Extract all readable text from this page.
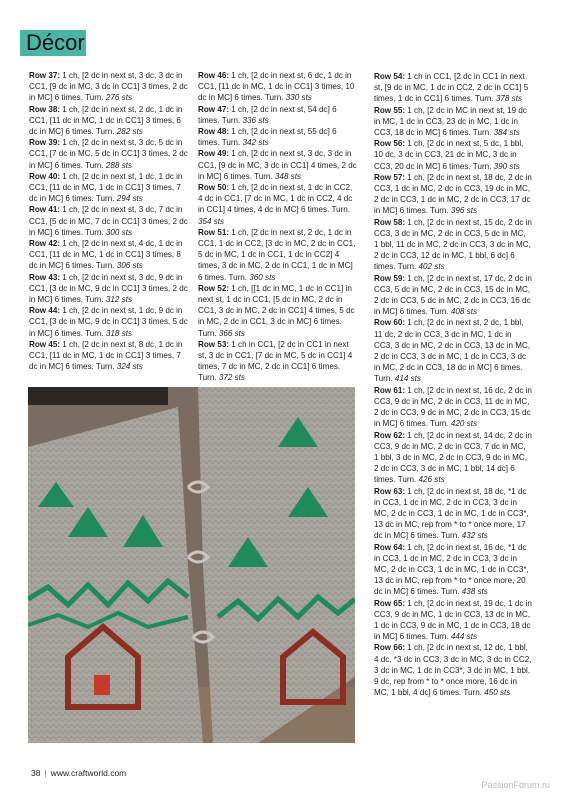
Décor

Row 37: 1 ch, [2 dc in next st, 3 dc, 3 dc in CC1, [9 dc in MC, 3 dc in CC1] 3 times, 2 dc in MC] 6 times. Turn. 276 sts

Row 38: 1 ch, [2 dc in next st, 2 dc, 1 dc in CC1, [11 dc in MC, 1 dc in CC1] 3 times, 6 dc in MC] 6 times. Turn. 282 sts

Row 39: 1 ch, [2 dc in next st, 3 dc, 5 dc in CC1, [7 dc in MC, 5 dc in CC1] 3 times, 2 dc in MC] 6 times. Turn. 288 sts

Row 40: 1 ch, [2 dc in next st, 1 dc, 1 dc in CC1, [11 dc in MC, 1 dc in CC1] 3 times, 7 dc in MC] 6 times. Turn. 294 sts

Row 41: 1 ch, [2 dc in next st, 3 dc, 7 dc in CC1, [5 dc in MC, 7 dc in CC1] 3 times, 2 dc in MC] 6 times. Turn. 300 sts

Row 42: 1 ch, [2 dc in next st, 4 dc, 1 dc in CC1, [11 dc in MC, 1 dc in CC1] 3 times, 8 dc in MC] 6 times. Turn. 306 sts

Row 43: 1 ch, [2 dc in next st, 3 dc, 9 dc in CC1, [3 dc in MC, 9 dc in CC1] 3 times, 2 dc in MC] 6 times. Turn. 312 sts

Row 44: 1 ch, [2 dc in next st, 1 dc, 9 dc in CC1, [3 dc in MC, 9 dc in CC1] 3 times, 5 dc in MC] 6 times. Turn. 318 sts

Row 45: 1 ch, [2 dc in next st, 8 dc, 1 dc in CC1, [11 dc in MC, 1 dc in CC1] 3 times, 7 dc in MC] 6 times. Turn. 324 sts

Row 46: 1 ch, [2 dc in next st, 6 dc, 1 dc in CC1, [11 dc in MC, 1 dc in CC1] 3 times, 10 dc in MC] 6 times. Turn. 330 sts

Row 47: 1 ch, [2 dc in next st, 54 dc] 6 times. Turn. 336 sts

Row 48: 1 ch, [2 dc in next st, 55 dc] 6 times. Turn. 342 sts

Row 49: 1 ch, [2 dc in next st, 3 dc, 3 dc in CC1, [9 dc in MC, 3 dc in CC1] 4 times, 2 dc in MC] 6 times. Turn. 348 sts

Row 50: 1 ch, [2 dc in next st, 1 dc in CC2, 4 dc in CC1, [7 dc in MC, 1 dc in CC2, 4 dc in CC1] 4 times, 4 dc in MC] 6 times. Turn. 354 sts

Row 51: 1 ch, [2 dc in next st, 2 dc, 1 dc in CC1, 1 dc in CC2, [3 dc in MC, 2 dc in CC1, 5 dc in MC, 1 dc in CC1, 1 dc in CC2] 4 times, 3 dc in MC, 2 dc in CC1, 1 dc in MC] 6 times. Turn. 360 sts

Row 52: 1 ch, [[1 dc in MC, 1 dc in CC1] in next st, 1 dc in CC1, [5 dc in MC, 2 dc in CC1, 3 dc in MC, 2 dc in CC1] 4 times, 5 dc in MC, 2 dc in CC1, 3 dc in MC] 6 times. Turn. 366 sts

Row 53: 1 ch in CC1, [2 dc in CC1 in next st, 3 dc in CC1, [7 dc in MC, 5 dc in CC1] 4 times, 7 dc in MC, 2 dc in CC1] 6 times. Turn. 372 sts

Row 54: 1 ch in CC1, [2 dc in CC1 in next st, [9 dc in MC, 1 dc in CC2, 2 dc in CC1] 5 times, 1 dc in CC1] 6 times. Turn. 378 sts

Row 55: 1 ch, [2 dc in MC in next st, 19 dc in MC, 1 dc in CC3, 23 dc in MC, 1 dc in CC3, 18 dc in MC] 6 times. Turn. 384 sts

Row 56: 1 ch, [2 dc in next st, 5 dc, 1 bbl, 10 dc, 3 dc in CC3, 21 dc in MC, 3 dc in CC3, 20 dc in MC] 6 times. Turn. 390 sts

Row 57: 1 ch, [2 dc in next st, 18 dc, 2 dc in CC3, 1 dc in MC, 2 dc in CC3, 19 dc in MC, 2 dc in CC3, 1 dc in MC, 2 dc in CC3, 17 dc in MC] 6 times. Turn. 396 sts

Row 58: 1 ch, [2 dc in next st, 15 dc, 2 dc in CC3, 3 dc in MC, 2 dc in CC3, 5 dc in MC, 1 bbl, 11 dc in MC, 2 dc in CC3, 3 dc in MC, 2 dc in CC3, 12 dc in MC, 1 bbl, 6 dc] 6 times. Turn. 402 sts

Row 59: 1 ch, [2 dc in next st, 17 dc, 2 dc in CC3, 5 dc in MC, 2 dc in CC3, 15 dc in MC, 2 dc in CC3, 5 dc in MC, 2 dc in CC3, 16 dc in MC] 6 times. Turn. 408 sts

Row 60: 1 ch, [2 dc in next st, 2 dc, 1 bbl, 11 dc, 2 dc in CC3, 3 dc in MC, 1 dc in CC3, 3 dc in MC, 2 dc in CC3, 13 dc in MC, 2 dc in CC3, 3 dc in MC, 1 dc in CC3, 3 dc in MC, 2 dc in CC3, 18 dc in MC] 6 times. Turn. 414 sts

Row 61: 1 ch, [2 dc in next st, 16 dc, 2 dc in CC3, 9 dc in MC, 2 dc in CC3, 11 dc in MC, 2 dc in CC3, 9 dc in MC, 2 dc in CC3, 15 dc in MC] 6 times. Turn. 420 sts

Row 62: 1 ch, [2 dc in next st, 14 dc, 2 dc in CC3, 9 dc in MC, 2 dc in CC3, 7 dc in MC, 1 bbl, 3 dc in MC, 2 dc in CC3, 9 dc in MC, 2 dc in CC3, 3 dc in MC, 1 bbl, 14 dc] 6 times. Turn. 426 sts

Row 63: 1 ch, [2 dc in next st, 18 dc, *1 dc in CC3, 1 dc in MC, 2 dc in CC3, 3 dc in MC, 2 dc in CC3, 1 dc in MC, 1 dc in CC3*, 13 dc in MC, rep from * to * once more, 17 dc in MC] 6 times. Turn. 432 sts

Row 64: 1 ch, [2 dc in next st, 16 dc, *1 dc in CC3, 1 dc in MC, 2 dc in CC3, 3 dc in MC, 2 dc in CC3, 1 dc in MC, 1 dc in CC3*, 13 dc in MC, rep from * to * once more, 20 dc in MC] 6 times. Turn. 438 sts

Row 65: 1 ch, [2 dc in next st, 19 dc, 1 dc in CC3, 9 dc in MC, 1 dc in CC3, 13 dc in MC, 1 dc in CC3, 9 dc in MC, 1 dc in CC3, 18 dc in MC] 6 times. Turn. 444 sts

Row 66: 1 ch, [2 dc in next st, 12 dc, 1 bbl, 4 dc, *3 dc in CC3, 3 dc in MC, 3 dc in CC2, 3 dc in MC, 1 dc in CC3*, 3 dc in MC, 1 bbl, 9 dc, rep from * to * once more, 16 dc in MC, 1 bbl, 4 dc] 6 times. Turn. 450 sts

38 | www.craftworld.com
PassionForum.ru
